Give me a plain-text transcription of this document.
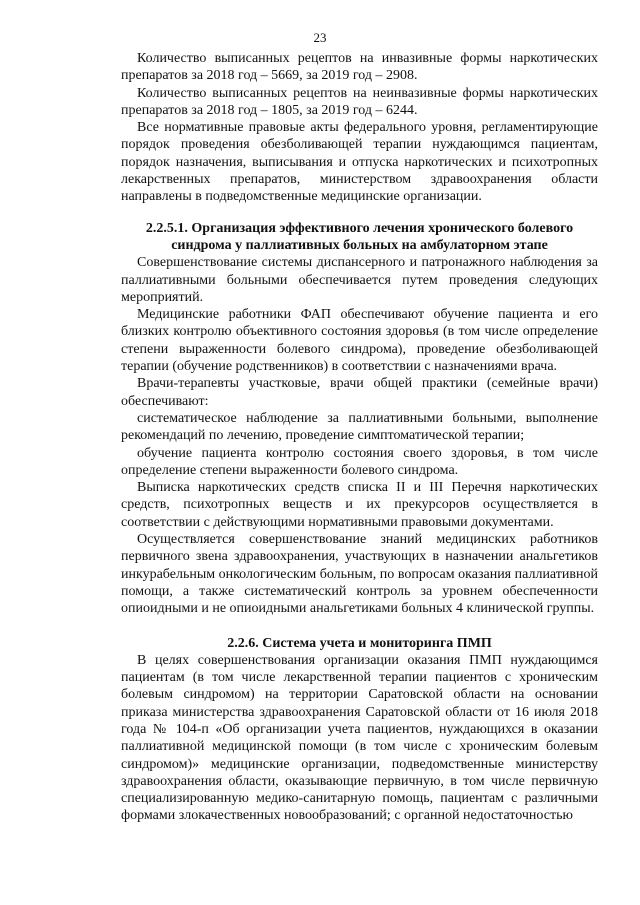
23

Количество выписанных рецептов на инвазивные формы наркотических препаратов за 2018 год – 5669, за 2019 год – 2908.

Количество выписанных рецептов на неинвазивные формы наркотических препаратов за 2018 год – 1805, за 2019 год – 6244.

Все нормативные правовые акты федерального уровня, регламентирующие порядок проведения обезболивающей терапии нуждающимся пациентам, порядок назначения, выписывания и отпуска наркотических и психотропных лекарственных препаратов, министерством здравоохранения области направлены в подведомственные медицинские организации.

2.2.5.1. Организация эффективного лечения хронического болевого синдрома у паллиативных больных на амбулаторном этапе

Совершенствование системы диспансерного и патронажного наблюдения за паллиативными больными обеспечивается путем проведения следующих мероприятий.

Медицинские работники ФАП обеспечивают обучение пациента и его близких контролю объективного состояния здоровья (в том числе определение степени выраженности болевого синдрома), проведение обезболивающей терапии (обучение родственников) в соответствии с назначениями врача.

Врачи-терапевты участковые, врачи общей практики (семейные врачи) обеспечивают:

систематическое наблюдение за паллиативными больными, выполнение рекомендаций по лечению, проведение симптоматической терапии;

обучение пациента контролю состояния своего здоровья, в том числе определение степени выраженности болевого синдрома.

Выписка наркотических средств списка II и III Перечня наркотических средств, психотропных веществ и их прекурсоров осуществляется в соответствии с действующими нормативными правовыми документами.

Осуществляется совершенствование знаний медицинских работников первичного звена здравоохранения, участвующих в назначении анальгетиков инкурабельным онкологическим больным, по вопросам оказания паллиативной помощи, а также систематический контроль за уровнем обеспеченности опиоидными и не опиоидными анальгетиками больных 4 клинической группы.

2.2.6. Система учета и мониторинга ПМП

В целях совершенствования организации оказания ПМП нуждающимся пациентам (в том числе лекарственной терапии пациентов с хроническим болевым синдромом) на территории Саратовской области на основании приказа министерства здравоохранения Саратовской области от 16 июля 2018 года № 104-п «Об организации учета пациентов, нуждающихся в оказании паллиативной медицинской помощи (в том числе с хроническим болевым синдромом)» медицинские организации, подведомственные министерству здравоохранения области, оказывающие первичную, в том числе первичную специализированную медико-санитарную помощь, пациентам с различными формами злокачественных новообразований; с органной недостаточностью
